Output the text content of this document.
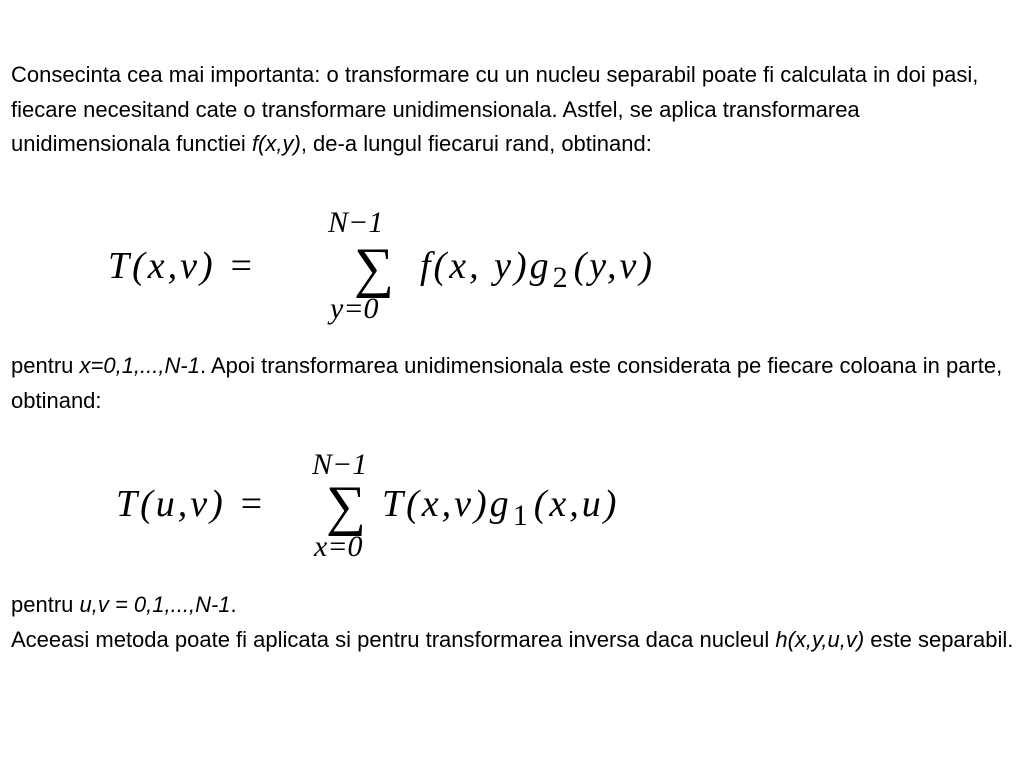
Consecinta cea mai importanta: o transformare cu un nucleu separabil poate fi calculata in doi pasi, fiecare necesitand cate o transformare unidimensionala. Astfel, se aplica transformarea unidimensionala functiei f(x,y), de-a lungul fiecarui rand, obtinand:
T(x,v) =
N−1
∑
y=0
f(x, $y)g_2(y,v)$
pentru x=0,1,...,N-1. Apoi transformarea unidimensionala este considerata pe fiecare coloana in parte, obtinand:
T(u,v) =
N−1
∑
x=0
$T(x,v)g_1(x,u)$
pentru u,v = 0,1,...,N-1.
Aceeasi metoda poate fi aplicata si pentru transformarea inversa daca nucleul h(x,y,u,v) este separabil.
